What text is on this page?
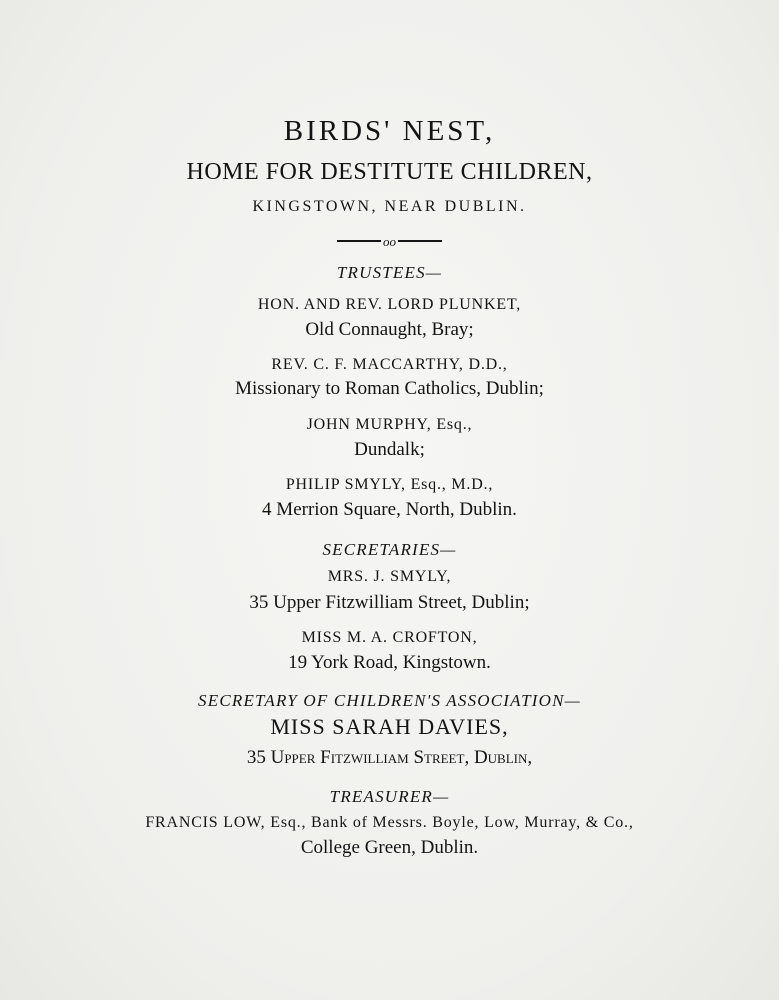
BIRDS' NEST,
HOME FOR DESTITUTE CHILDREN,
KINGSTOWN, NEAR DUBLIN.
oo
TRUSTEES—
HON. AND REV. LORD PLUNKET,
Old Connaught, Bray;
REV. C. F. MACCARTHY, D.D.,
Missionary to Roman Catholics, Dublin;
JOHN MURPHY, Esq.,
Dundalk;
PHILIP SMYLY, Esq., M.D.,
4 Merrion Square, North, Dublin.
SECRETARIES—
MRS. J. SMYLY,
35 Upper Fitzwilliam Street, Dublin;
MISS M. A. CROFTON,
19 York Road, Kingstown.
SECRETARY OF CHILDREN'S ASSOCIATION—
MISS SARAH DAVIES,
35 Upper Fitzwilliam Street, Dublin,
TREASURER—
FRANCIS LOW, Esq., Bank of Messrs. Boyle, Low, Murray, & Co.,
College Green, Dublin.
